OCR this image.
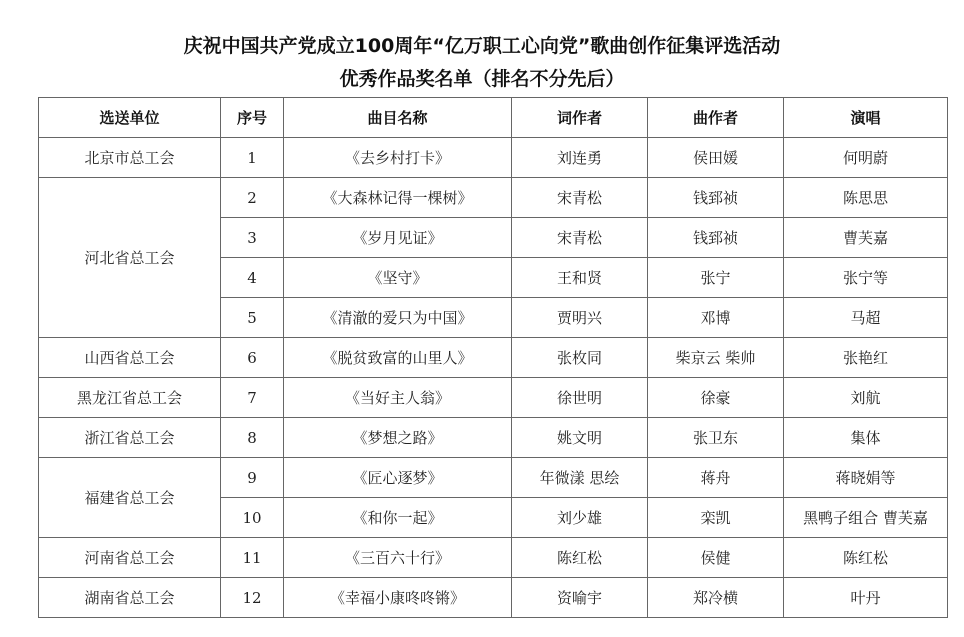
庆祝中国共产党成立100周年“亿万职工心向党”歌曲创作征集评选活动
优秀作品奖名单（排名不分先后）
选送单位	序号	曲目名称	词作者	曲作者	演唱
北京市总工会	1	《去乡村打卡》	刘连勇	侯田媛	何明蔚
河北省总工会	2	《大森林记得一棵树》	宋青松	钱郅祯	陈思思
	3	《岁月见证》	宋青松	钱郅祯	曹芙嘉
	4	《坚守》	王和贤	张宁	张宁等
	5	《清澈的爱只为中国》	贾明兴	邓博	马超
山西省总工会	6	《脱贫致富的山里人》	张枚同	柴京云 柴帅	张艳红
黑龙江省总工会	7	《当好主人翁》	徐世明	徐豪	刘航
浙江省总工会	8	《梦想之路》	姚文明	张卫东	集体
福建省总工会	9	《匠心逐梦》	年微漾 思绘	蒋舟	蒋晓娟等
	10	《和你一起》	刘少雄	栾凯	黑鸭子组合 曹芙嘉
河南省总工会	11	《三百六十行》	陈红松	侯健	陈红松
湖南省总工会	12	《幸福小康咚咚锵》	资喻宇	郑冷横	叶丹
